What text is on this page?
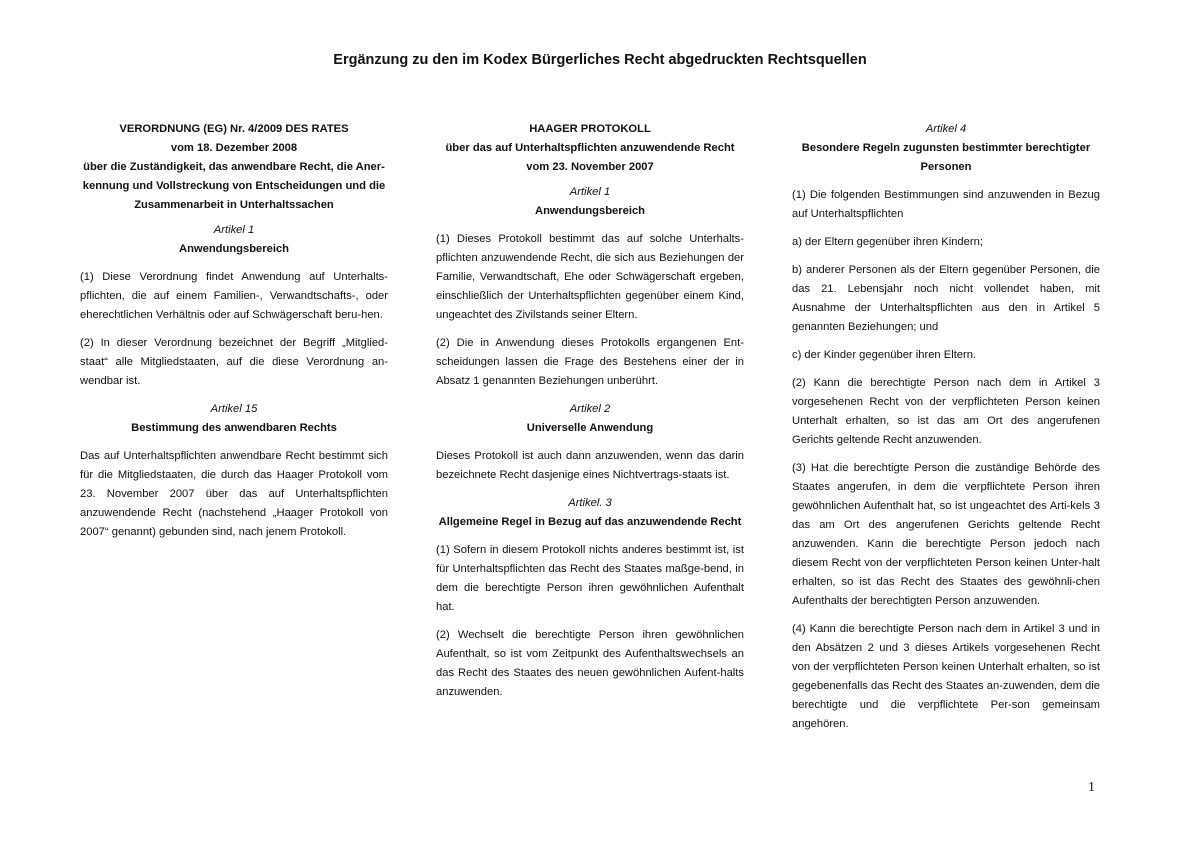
Ergänzung zu den im Kodex Bürgerliches Recht abgedruckten Rechtsquellen
VERORDNUNG (EG) Nr. 4/2009 DES RATES
vom 18. Dezember 2008
über die Zuständigkeit, das anwendbare Recht, die Aner-
kennung und Vollstreckung von Entscheidungen und die
Zusammenarbeit in Unterhaltssachen
Artikel 1
Anwendungsbereich

(1) Diese Verordnung findet Anwendung auf Unterhalts-pflichten, die auf einem Familien-, Verwandtschafts-, oder eherechtlichen Verhältnis oder auf Schwägerschaft beru-hen.

(2) In dieser Verordnung bezeichnet der Begriff „Mitglied-staat“ alle Mitgliedstaaten, auf die diese Verordnung an-wendbar ist.

Artikel 15
Bestimmung des anwendbaren Rechts

Das auf Unterhaltspflichten anwendbare Recht bestimmt sich für die Mitgliedstaaten, die durch das Haager Protokoll vom 23. November 2007 über das auf Unterhaltspflichten anzuwendende Recht (nachstehend „Haager Protokoll von 2007“ genannt) gebunden sind, nach jenem Protokoll.

HAAGER PROTOKOLL
über das auf Unterhaltspflichten anzuwendende Recht
vom 23. November 2007
Artikel 1
Anwendungsbereich

(1) Dieses Protokoll bestimmt das auf solche Unterhalts-pflichten anzuwendende Recht, die sich aus Beziehungen der Familie, Verwandtschaft, Ehe oder Schwägerschaft ergeben, einschließlich der Unterhaltspflichten gegenüber einem Kind, ungeachtet des Zivilstands seiner Eltern.

(2) Die in Anwendung dieses Protokolls ergangenen Ent-scheidungen lassen die Frage des Bestehens einer der in Absatz 1 genannten Beziehungen unberührt.

Artikel 2
Universelle Anwendung

Dieses Protokoll ist auch dann anzuwenden, wenn das darin bezeichnete Recht dasjenige eines Nichtvertrags-staats ist.

Artikel. 3
Allgemeine Regel in Bezug auf das anzuwendende Recht

(1) Sofern in diesem Protokoll nichts anderes bestimmt ist, ist für Unterhaltspflichten das Recht des Staates maßge-bend, in dem die berechtigte Person ihren gewöhnlichen Aufenthalt hat.

(2) Wechselt die berechtigte Person ihren gewöhnlichen Aufenthalt, so ist vom Zeitpunkt des Aufenthaltswechsels an das Recht des Staates des neuen gewöhnlichen Aufent-halts anzuwenden.

Artikel 4
Besondere Regeln zugunsten bestimmter berechtigter
Personen

(1) Die folgenden Bestimmungen sind anzuwenden in Bezug auf Unterhaltspflichten

a) der Eltern gegenüber ihren Kindern;

b) anderer Personen als der Eltern gegenüber Personen, die das 21. Lebensjahr noch nicht vollendet haben, mit Ausnahme der Unterhaltspflichten aus den in Artikel 5 genannten Beziehungen; und

c) der Kinder gegenüber ihren Eltern.

(2) Kann die berechtigte Person nach dem in Artikel 3 vorgesehenen Recht von der verpflichteten Person keinen Unterhalt erhalten, so ist das am Ort des angerufenen Gerichts geltende Recht anzuwenden.

(3) Hat die berechtigte Person die zuständige Behörde des Staates angerufen, in dem die verpflichtete Person ihren gewöhnlichen Aufenthalt hat, so ist ungeachtet des Arti-kels 3 das am Ort des angerufenen Gerichts geltende Recht anzuwenden. Kann die berechtigte Person jedoch nach diesem Recht von der verpflichteten Person keinen Unter-halt erhalten, so ist das Recht des Staates des gewöhnli-chen Aufenthalts der berechtigten Person anzuwenden.

(4) Kann die berechtigte Person nach dem in Artikel 3 und in den Absätzen 2 und 3 dieses Artikels vorgesehenen Recht von der verpflichteten Person keinen Unterhalt erhalten, so ist gegebenenfalls das Recht des Staates an-zuwenden, dem die berechtigte und die verpflichtete Per-son gemeinsam angehören.

1
